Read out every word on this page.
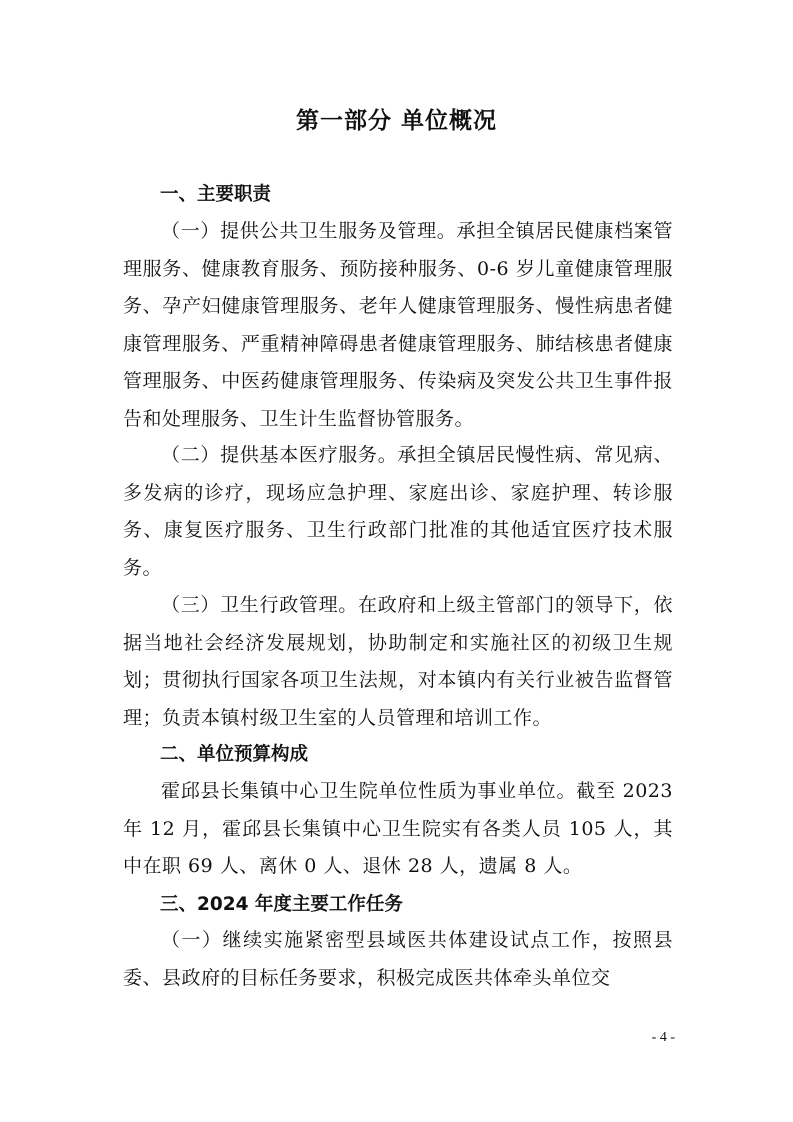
第一部分 单位概况
一、主要职责

（一）提供公共卫生服务及管理。承担全镇居民健康档案管理服务、健康教育服务、预防接种服务、0-6 岁儿童健康管理服务、孕产妇健康管理服务、老年人健康管理服务、慢性病患者健康管理服务、严重精神障碍患者健康管理服务、肺结核患者健康管理服务、中医药健康管理服务、传染病及突发公共卫生事件报告和处理服务、卫生计生监督协管服务。

（二）提供基本医疗服务。承担全镇居民慢性病、常见病、多发病的诊疗，现场应急护理、家庭出诊、家庭护理、转诊服务、康复医疗服务、卫生行政部门批准的其他适宜医疗技术服务。

（三）卫生行政管理。在政府和上级主管部门的领导下，依据当地社会经济发展规划，协助制定和实施社区的初级卫生规划；贯彻执行国家各项卫生法规，对本镇内有关行业被告监督管理；负责本镇村级卫生室的人员管理和培训工作。

二、单位预算构成

霍邱县长集镇中心卫生院单位性质为事业单位。截至 2023 年 12 月，霍邱县长集镇中心卫生院实有各类人员 105 人，其中在职 69 人、离休 0 人、退休 28 人，遗属 8 人。

三、2024 年度主要工作任务

（一）继续实施紧密型县域医共体建设试点工作，按照县委、县政府的目标任务要求，积极完成医共体牵头单位交

- 4 -
